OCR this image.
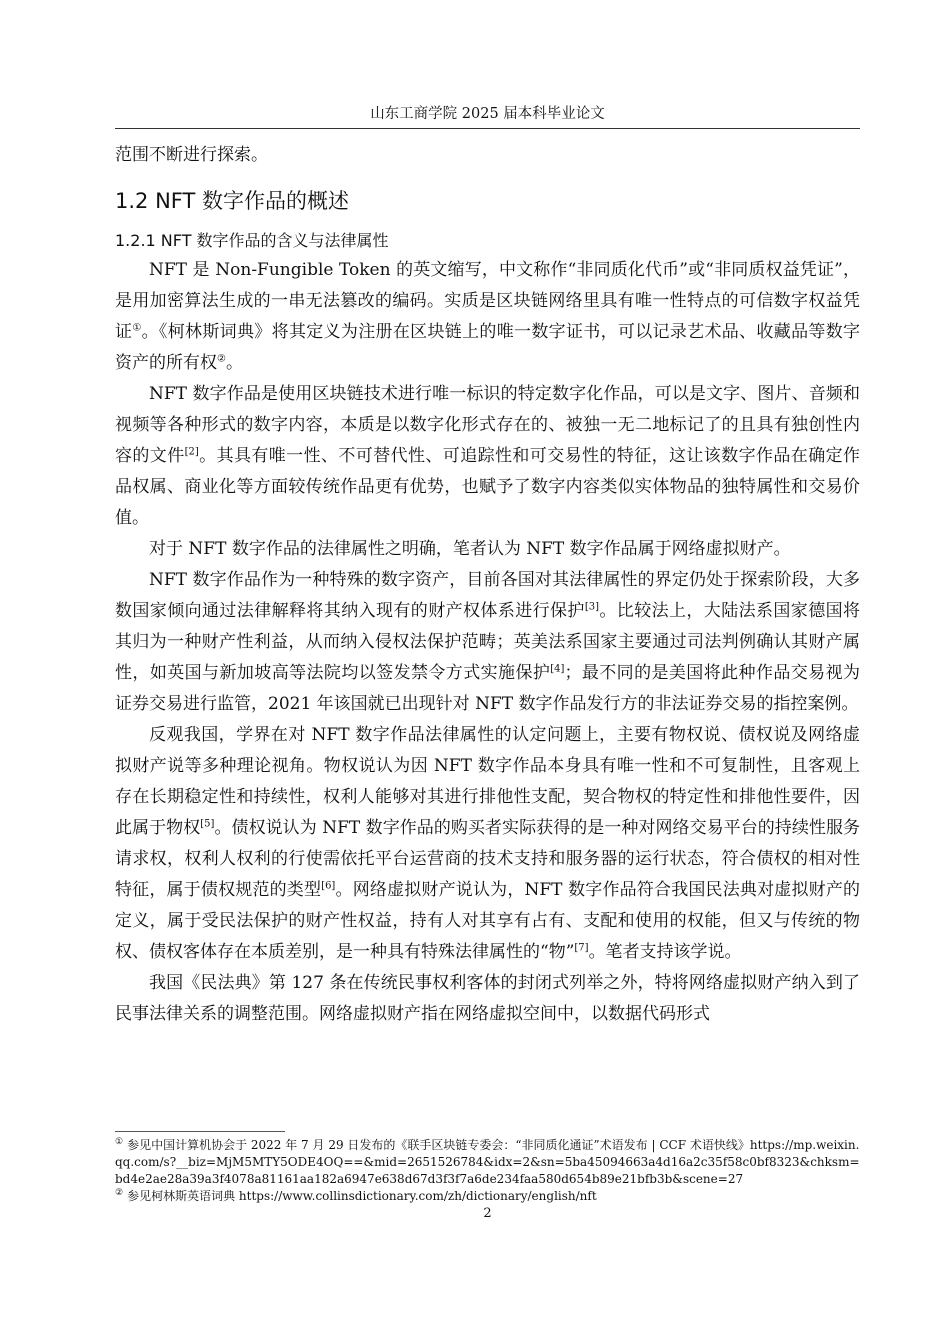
山东工商学院 2025 届本科毕业论文

范围不断进行探索。

1.2 NFT 数字作品的概述
1.2.1 NFT 数字作品的含义与法律属性

NFT 是 Non-Fungible Token 的英文缩写，中文称作“非同质化代币”或“非同质权益凭证”，是用加密算法生成的一串无法篡改的编码。实质是区块链网络里具有唯一性特点的可信数字权益凭证①。《柯林斯词典》将其定义为注册在区块链上的唯一数字证书，可以记录艺术品、收藏品等数字资产的所有权②。

NFT 数字作品是使用区块链技术进行唯一标识的特定数字化作品，可以是文字、图片、音频和视频等各种形式的数字内容，本质是以数字化形式存在的、被独一无二地标记了的且具有独创性内容的文件[2]。其具有唯一性、不可替代性、可追踪性和可交易性的特征，这让该数字作品在确定作品权属、商业化等方面较传统作品更有优势，也赋予了数字内容类似实体物品的独特属性和交易价值。

对于 NFT 数字作品的法律属性之明确，笔者认为 NFT 数字作品属于网络虚拟财产。

NFT 数字作品作为一种特殊的数字资产，目前各国对其法律属性的界定仍处于探索阶段，大多数国家倾向通过法律解释将其纳入现有的财产权体系进行保护[3]。比较法上，大陆法系国家德国将其归为一种财产性利益，从而纳入侵权法保护范畴；英美法系国家主要通过司法判例确认其财产属性，如英国与新加坡高等法院均以签发禁令方式实施保护[4]；最不同的是美国将此种作品交易视为证券交易进行监管，2021 年该国就已出现针对 NFT 数字作品发行方的非法证券交易的指控案例。

反观我国，学界在对 NFT 数字作品法律属性的认定问题上，主要有物权说、债权说及网络虚拟财产说等多种理论视角。物权说认为因 NFT 数字作品本身具有唯一性和不可复制性，且客观上存在长期稳定性和持续性，权利人能够对其进行排他性支配，契合物权的特定性和排他性要件，因此属于物权[5]。债权说认为 NFT 数字作品的购买者实际获得的是一种对网络交易平台的持续性服务请求权，权利人权利的行使需依托平台运营商的技术支持和服务器的运行状态，符合债权的相对性特征，属于债权规范的类型[6]。网络虚拟财产说认为，NFT 数字作品符合我国民法典对虚拟财产的定义，属于受民法保护的财产性权益，持有人对其享有占有、支配和使用的权能，但又与传统的物权、债权客体存在本质差别，是一种具有特殊法律属性的“物”[7]。笔者支持该学说。

我国《民法典》第 127 条在传统民事权利客体的封闭式列举之外，特将网络虚拟财产纳入到了民事法律关系的调整范围。网络虚拟财产指在网络虚拟空间中，以数据代码形式

① 参见中国计算机协会于 2022 年 7 月 29 日发布的《联手区块链专委会：“非同质化通证”术语发布 | CCF 术语快线》https://mp.weixin.qq.com/s?__biz=MjM5MTY5ODE4OQ==&mid=2651526784&idx=2&sn=5ba45094663a4d16a2c35f58c0bf8323&chksm=bd4e2ae28a39a3f4078a81161aa182a6947e638d67d3f3f7a6de234faa580d654b89e21bfb3b&scene=27

② 参见柯林斯英语词典 https://www.collinsdictionary.com/zh/dictionary/english/nft

2
